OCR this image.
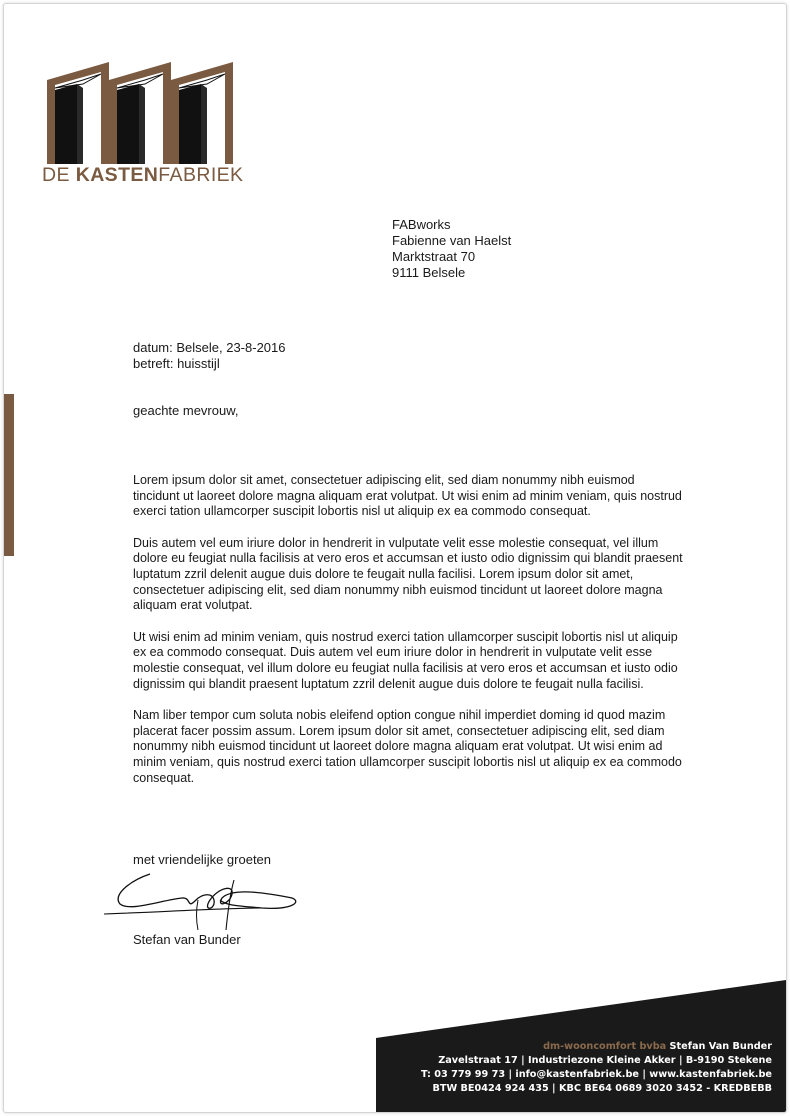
DE KASTENFABRIEK
FABworks
Fabienne van Haelst
Marktstraat 70
9111 Belsele
datum: Belsele, 23-8-2016
betreft: huisstijl
geachte mevrouw,

Lorem ipsum dolor sit amet, consectetuer adipiscing elit, sed diam nonummy nibh euismod tincidunt ut laoreet dolore magna aliquam erat volutpat. Ut wisi enim ad minim veniam, quis nostrud exerci tation ullamcorper suscipit lobortis nisl ut aliquip ex ea commodo consequat.

Duis autem vel eum iriure dolor in hendrerit in vulputate velit esse molestie consequat, vel illum dolore eu feugiat nulla facilisis at vero eros et accumsan et iusto odio dignissim qui blandit praesent luptatum zzril delenit augue duis dolore te feugait nulla facilisi. Lorem ipsum dolor sit amet, consectetuer adipiscing elit, sed diam nonummy nibh euismod tincidunt ut laoreet dolore magna aliquam erat volutpat.

Ut wisi enim ad minim veniam, quis nostrud exerci tation ullamcorper suscipit lobortis nisl ut aliquip ex ea commodo consequat. Duis autem vel eum iriure dolor in hendrerit in vulputate velit esse molestie consequat, vel illum dolore eu feugiat nulla facilisis at vero eros et accumsan et iusto odio dignissim qui blandit praesent luptatum zzril delenit augue duis dolore te feugait nulla facilisi.

Nam liber tempor cum soluta nobis eleifend option congue nihil imperdiet doming id quod mazim placerat facer possim assum. Lorem ipsum dolor sit amet, consectetuer adipiscing elit, sed diam nonummy nibh euismod tincidunt ut laoreet dolore magna aliquam erat volutpat. Ut wisi enim ad minim veniam, quis nostrud exerci tation ullamcorper suscipit lobortis nisl ut aliquip ex ea commodo consequat.

met vriendelijke groeten
Stefan van Bunder
dm-wooncomfort bvba Stefan Van Bunder
Zavelstraat 17 | Industriezone Kleine Akker | B-9190 Stekene
T: 03 779 99 73 | info@kastenfabriek.be | www.kastenfabriek.be
BTW BE0424 924 435 | KBC BE64 0689 3020 3452 - KREDBEBB
